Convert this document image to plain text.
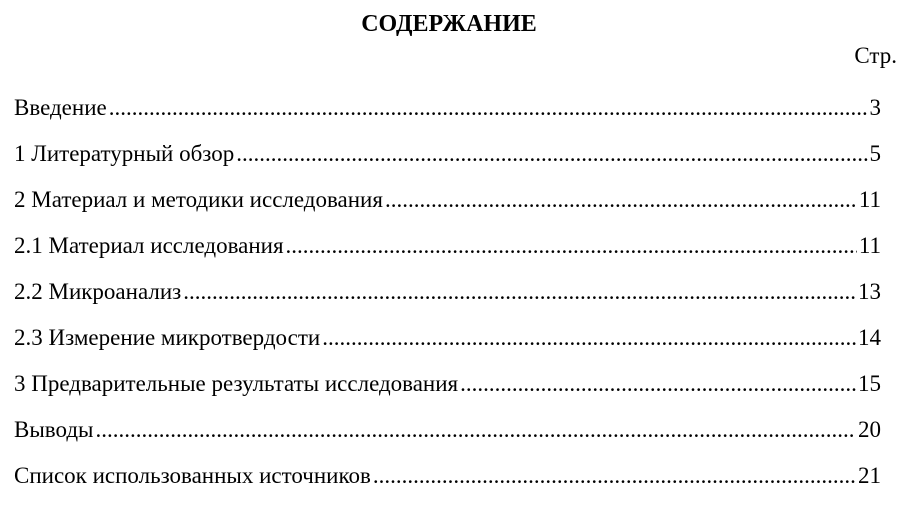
СОДЕРЖАНИЕ
Стр.
Введение .....	3
1 Литературный обзор .....	5
2 Материал и методики исследования .....	11
2.1 Материал исследования .....	11
2.2 Микроанализ .....	13
2.3 Измерение микротвердости .....	14
3 Предварительные результаты исследования .....	15
Выводы .....	20
Список использованных источников .....	21
